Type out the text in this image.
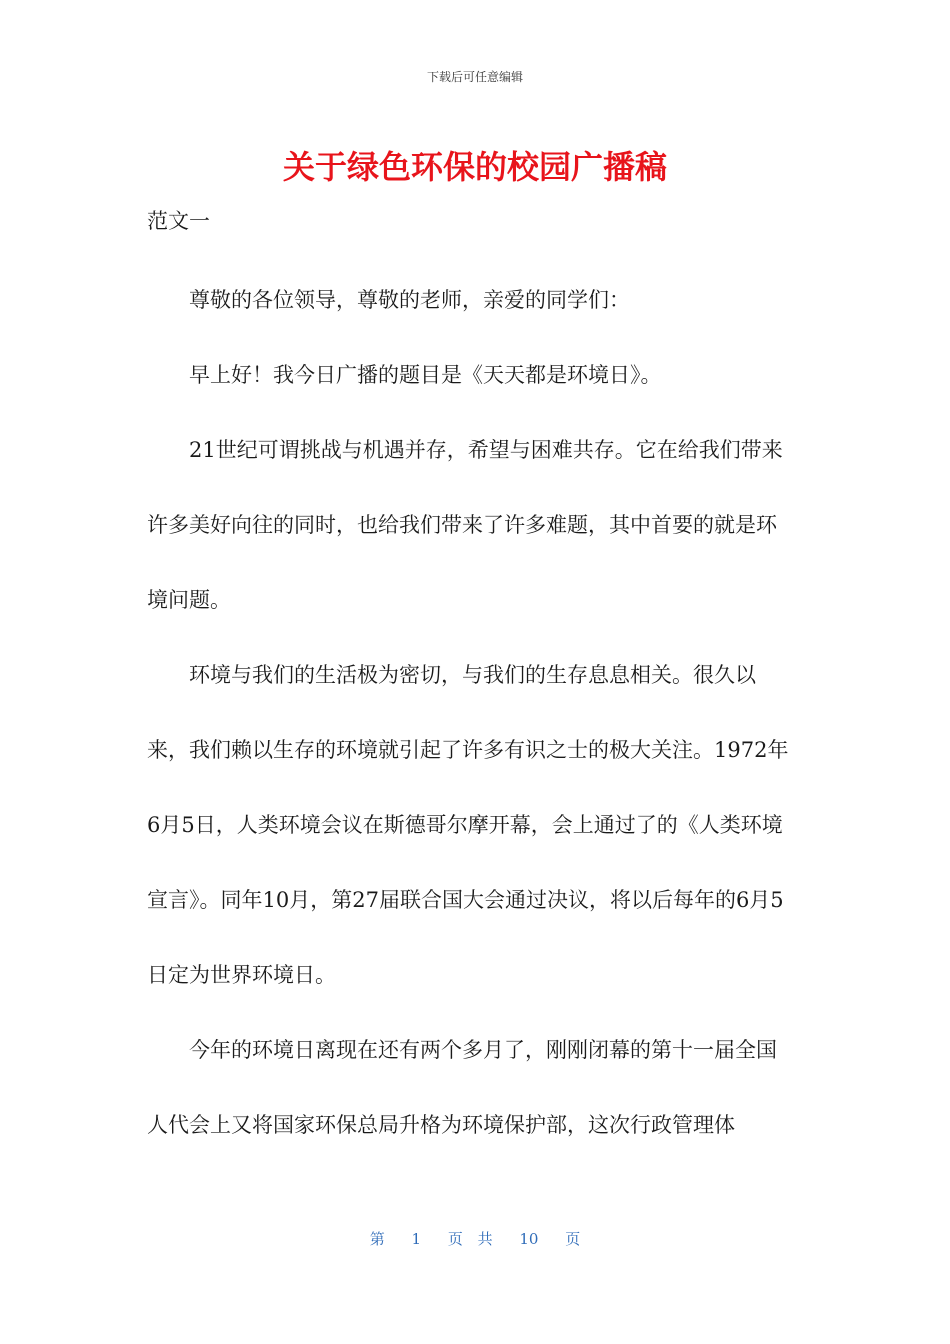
下载后可任意编辑
关于绿色环保的校园广播稿
范文一

尊敬的各位领导，尊敬的老师，亲爱的同学们：

早上好！我今日广播的题目是《天天都是环境日》。

21世纪可谓挑战与机遇并存，希望与困难共存。它在给我们带来许多美好向往的同时，也给我们带来了许多难题，其中首要的就是环境问题。

环境与我们的生活极为密切，与我们的生存息息相关。很久以来，我们赖以生存的环境就引起了许多有识之士的极大关注。1972年6月5日，人类环境会议在斯德哥尔摩开幕，会上通过了的《人类环境宣言》。同年10月，第27届联合国大会通过决议，将以后每年的6月5日定为世界环境日。

今年的环境日离现在还有两个多月了，刚刚闭幕的第十一届全国人代会上又将国家环保总局升格为环境保护部，这次行政管理体

第 1 页 共 10 页
